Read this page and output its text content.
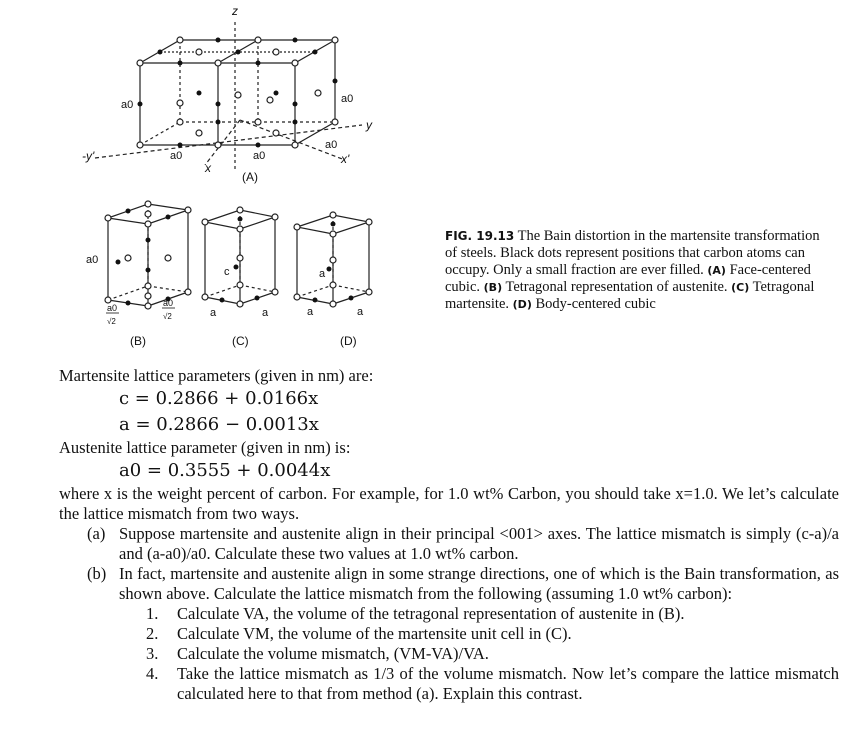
z
y
-y'
x
x'
a0	a0
a0
a0	a0
(A)
a0
a0
√2
a0
√2
(B)
c
a	a
(C)
a
a	a
(D)
FIG. 19.13 The Bain distortion in the martensite transformation of steels. Black dots represent positions that carbon atoms can occupy. Only a small fraction are ever filled. (A) Face-centered cubic. (B) Tetragonal representation of austenite. (C) Tetragonal martensite. (D) Body-centered cubic
Martensite lattice parameters (given in nm) are:
c = 0.2866 + 0.0166x
a = 0.2866 − 0.0013x
Austenite lattice parameter (given in nm) is:
a0 = 0.3555 + 0.0044x
where x is the weight percent of carbon. For example, for 1.0 wt% Carbon, you should take x=1.0. We let’s calculate the lattice mismatch from two ways.
(a) Suppose martensite and austenite align in their principal <001> axes. The lattice mismatch is simply (c-a)/a and (a-a0)/a0. Calculate these two values at 1.0 wt% carbon.
(b) In fact, martensite and austenite align in some strange directions, one of which is the Bain transformation, as shown above. Calculate the lattice mismatch from the following (assuming 1.0 wt% carbon):
1.	Calculate VA, the volume of the tetragonal representation of austenite in (B).
2.	Calculate VM, the volume of the martensite unit cell in (C).
3.	Calculate the volume mismatch, (VM-VA)/VA.
4.	Take the lattice mismatch as 1/3 of the volume mismatch. Now let’s compare the lattice mismatch calculated here to that from method (a). Explain this contrast.
